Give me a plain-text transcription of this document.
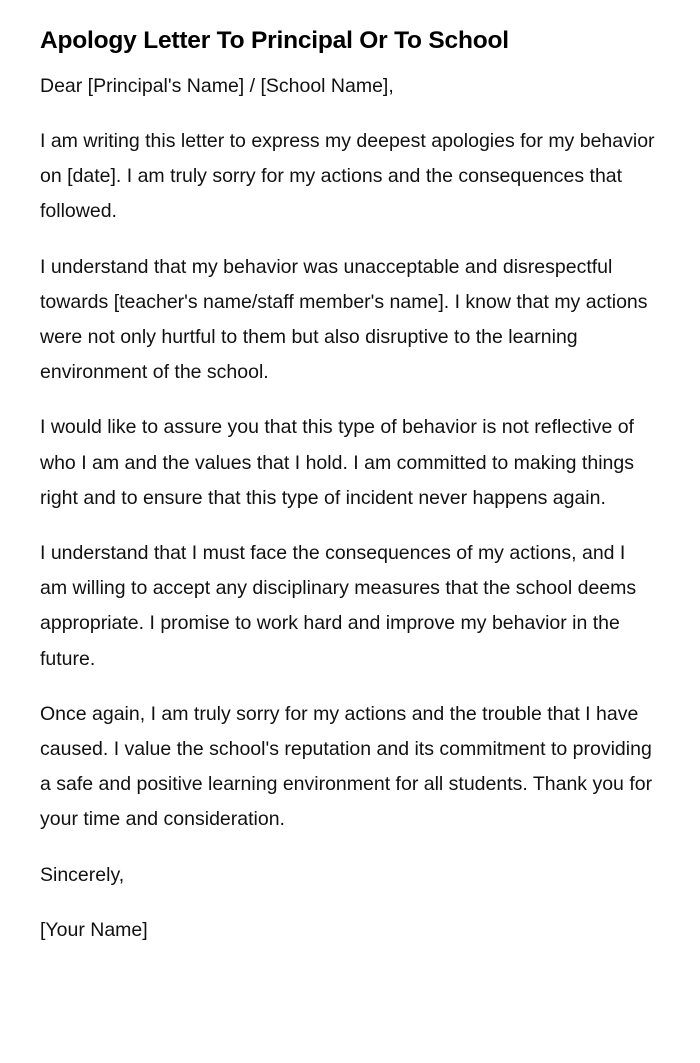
Apology Letter To Principal Or To School

Dear [Principal's Name] / [School Name],

I am writing this letter to express my deepest apologies for my behavior on [date]. I am truly sorry for my actions and the consequences that followed.

I understand that my behavior was unacceptable and disrespectful towards [teacher's name/staff member's name]. I know that my actions were not only hurtful to them but also disruptive to the learning environment of the school.

I would like to assure you that this type of behavior is not reflective of who I am and the values that I hold. I am committed to making things right and to ensure that this type of incident never happens again.

I understand that I must face the consequences of my actions, and I am willing to accept any disciplinary measures that the school deems appropriate. I promise to work hard and improve my behavior in the future.

Once again, I am truly sorry for my actions and the trouble that I have caused. I value the school's reputation and its commitment to providing a safe and positive learning environment for all students. Thank you for your time and consideration.

Sincerely,

[Your Name]
